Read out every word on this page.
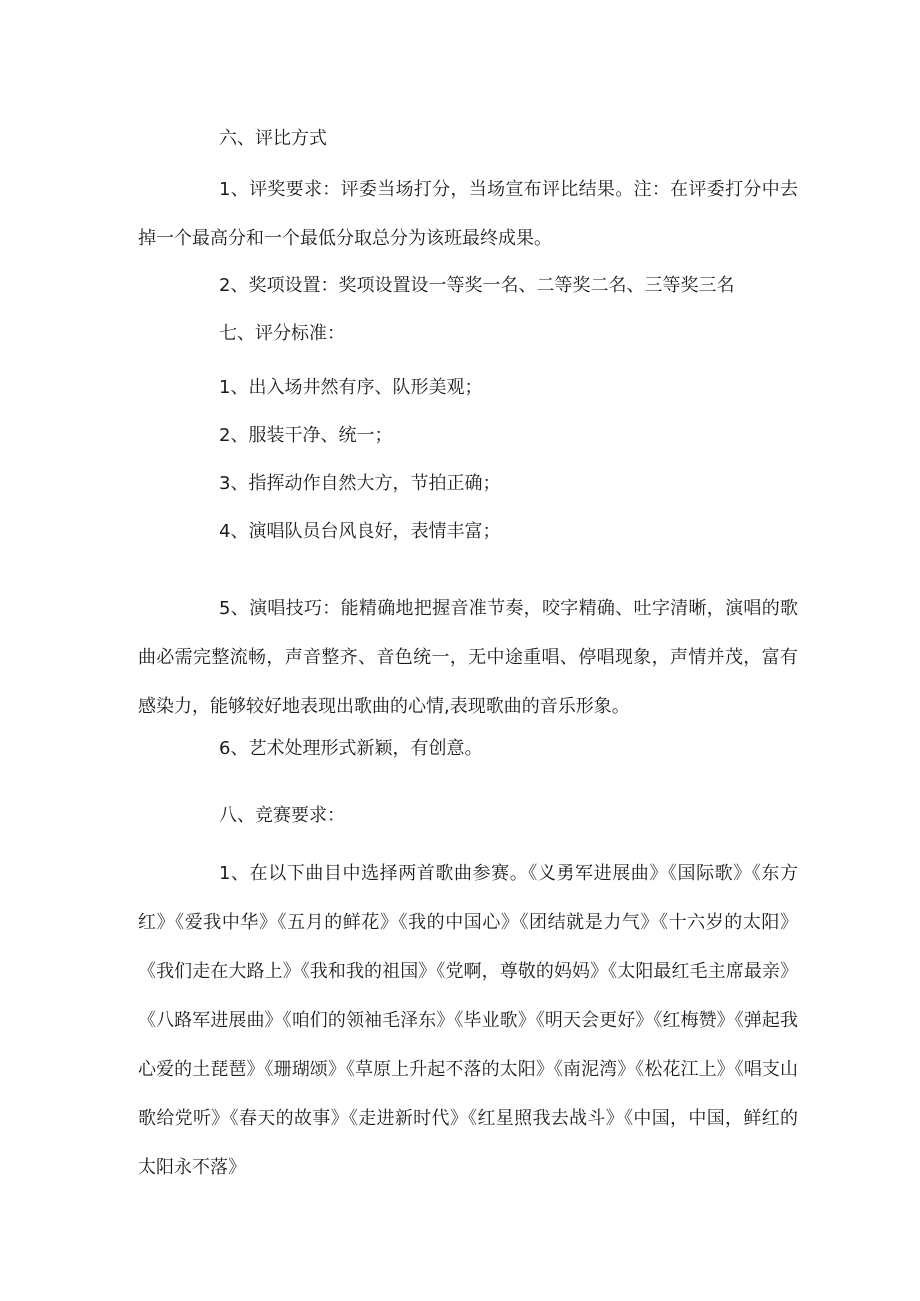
六、评比方式

1、评奖要求：评委当场打分，当场宣布评比结果。注：在评委打分中去掉一个最高分和一个最低分取总分为该班最终成果。

2、奖项设置：奖项设置设一等奖一名、二等奖二名、三等奖三名

七、评分标准：

1、出入场井然有序、队形美观；

2、服装干净、统一；

3、指挥动作自然大方，节拍正确；

4、演唱队员台风良好，表情丰富；

5、演唱技巧：能精确地把握音准节奏，咬字精确、吐字清晰，演唱的歌曲必需完整流畅，声音整齐、音色统一，无中途重唱、停唱现象，声情并茂，富有感染力，能够较好地表现出歌曲的心情,表现歌曲的音乐形象。

6、艺术处理形式新颖，有创意。

八、竞赛要求：

1、在以下曲目中选择两首歌曲参赛。《义勇军进展曲》《国际歌》《东方红》《爱我中华》《五月的鲜花》《我的中国心》《团结就是力气》《十六岁的太阳》《我们走在大路上》《我和我的祖国》《党啊，尊敬的妈妈》《太阳最红毛主席最亲》《八路军进展曲》《咱们的领袖毛泽东》《毕业歌》《明天会更好》《红梅赞》《弹起我心爱的土琵琶》《珊瑚颂》《草原上升起不落的太阳》《南泥湾》《松花江上》《唱支山歌给党听》《春天的故事》《走进新时代》《红星照我去战斗》《中国，中国，鲜红的太阳永不落》
